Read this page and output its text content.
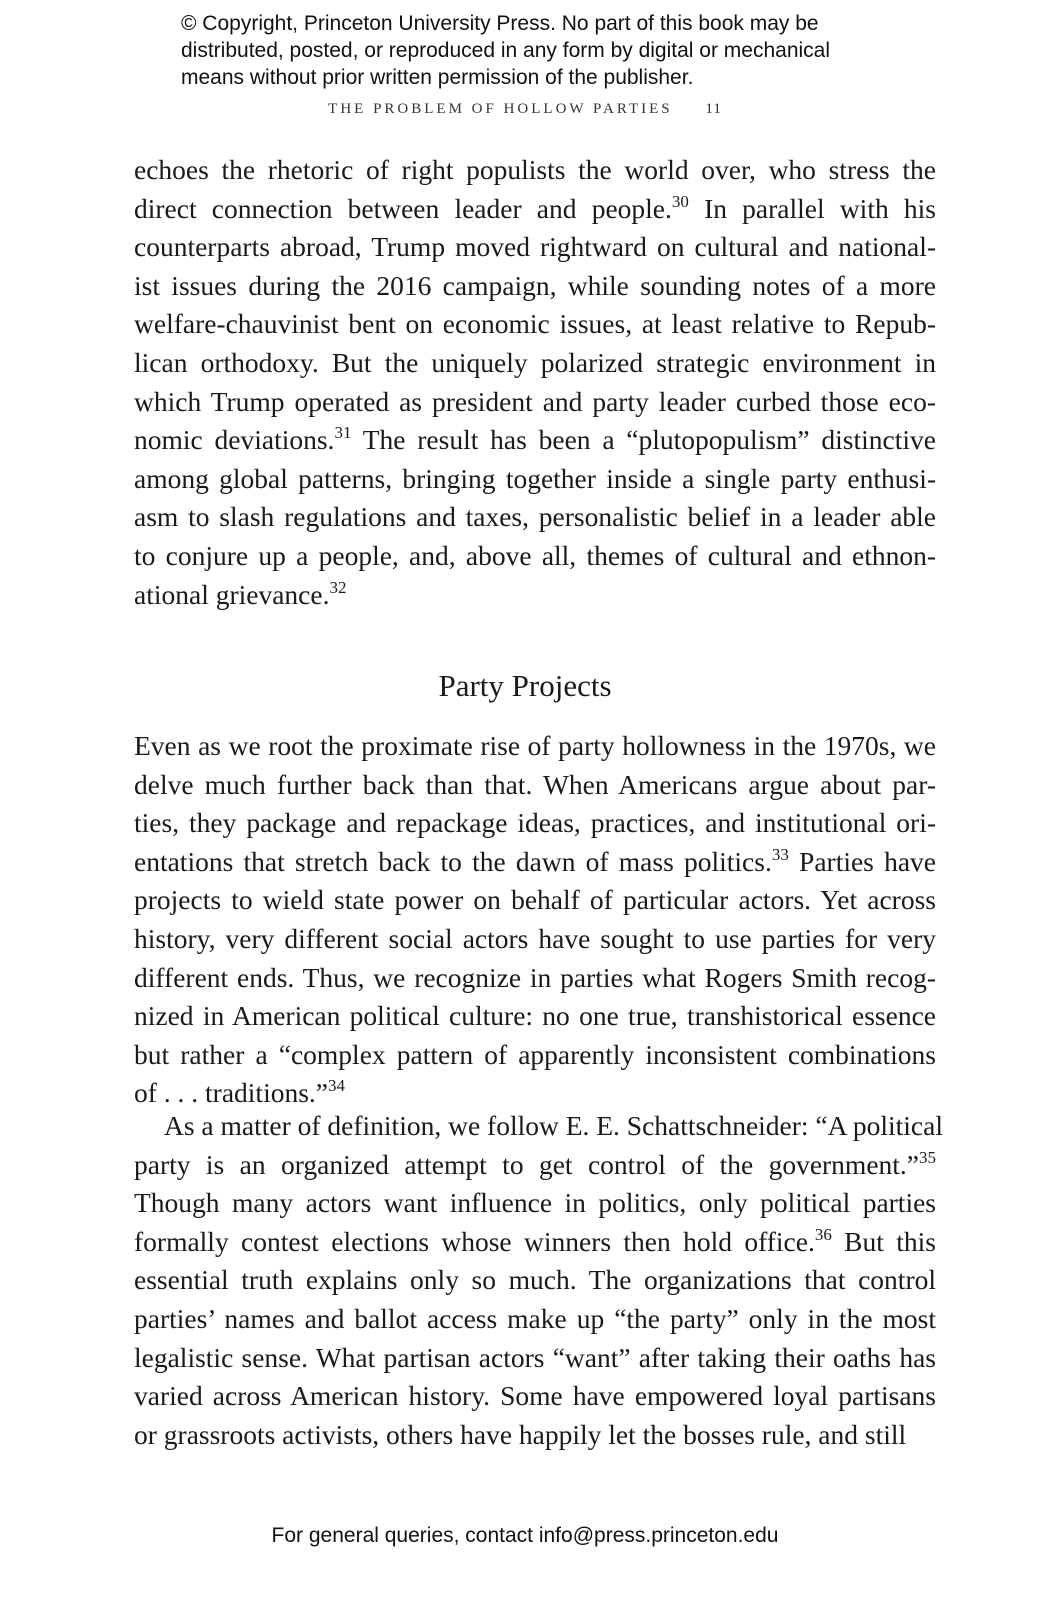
© Copyright, Princeton University Press. No part of this book may be
distributed, posted, or reproduced in any form by digital or mechanical
means without prior written permission of the publisher.
THE PROBLEM OF HOLLOW PARTIES 11
echoes the rhetoric of right populists the world over, who stress the
direct connection between leader and people.$^{30}$ In parallel with his
counterparts abroad, Trump moved rightward on cultural and national-
ist issues during the 2016 campaign, while sounding notes of a more
welfare-chauvinist bent on economic issues, at least relative to Repub-
lican orthodoxy. But the uniquely polarized strategic environment in
which Trump operated as president and party leader curbed those eco-
nomic deviations.$^{31}$ The result has been a “plutopopulism” distinctive
among global patterns, bringing together inside a single party enthusi-
asm to slash regulations and taxes, personalistic belief in a leader able
to conjure up a people, and, above all, themes of cultural and ethnon-
ational grievance.$^{32}$
Party Projects
Even as we root the proximate rise of party hollowness in the 1970s, we
delve much further back than that. When Americans argue about par-
ties, they package and repackage ideas, practices, and institutional ori-
entations that stretch back to the dawn of mass politics.$^{33}$ Parties have
projects to wield state power on behalf of particular actors. Yet across
history, very different social actors have sought to use parties for very
different ends. Thus, we recognize in parties what Rogers Smith recog-
nized in American political culture: no one true, transhistorical essence
but rather a “complex pattern of apparently inconsistent combinations
of . . . traditions.”$^{34}$
As a matter of definition, we follow E. E. Schattschneider: “A political
party is an organized attempt to get control of the government.”$^{35}$
Though many actors want influence in politics, only political parties
formally contest elections whose winners then hold office.$^{36}$ But this
essential truth explains only so much. The organizations that control
parties’ names and ballot access make up “the party” only in the most
legalistic sense. What partisan actors “want” after taking their oaths has
varied across American history. Some have empowered loyal partisans
or grassroots activists, others have happily let the bosses rule, and still
For general queries, contact info@press.princeton.edu
